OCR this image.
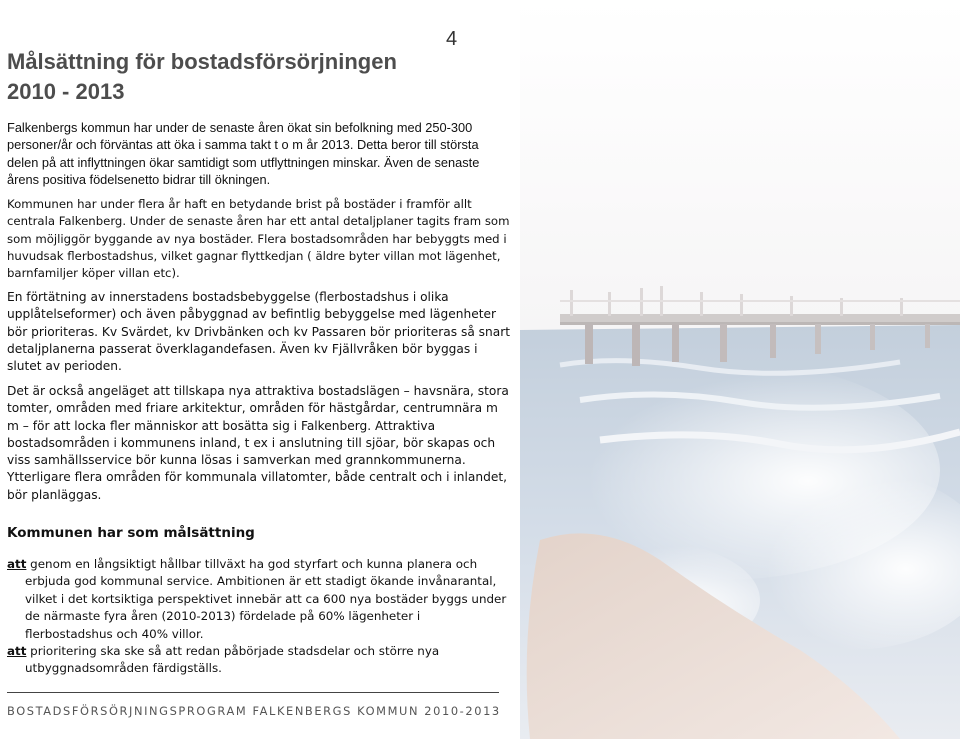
4
Målsättning för bostadsförsörjningen
2010 - 2013

Falkenbergs kommun har under de senaste åren ökat sin befolkning med 250-300 personer/år och förväntas att öka i samma takt t o m år 2013. Detta beror till största delen på att inflyttningen ökar samtidigt som utflyttningen minskar. Även de senaste årens positiva födelsenetto bidrar till ökningen.

Kommunen har under flera år haft en betydande brist på bostäder i framför allt centrala Falkenberg. Under de senaste åren har ett antal detaljplaner tagits fram som som möjliggör byggande av nya bostäder. Flera bostadsområden har bebyggts med i huvudsak flerbostadshus, vilket gagnar flyttkedjan ( äldre byter villan mot lägenhet, barnfamiljer köper villan etc).

En förtätning av innerstadens bostadsbebyggelse (flerbostadshus i olika upplåtelseformer) och även påbyggnad av befintlig bebyggelse med lägenheter bör prioriteras. Kv Svärdet, kv Drivbänken och kv Passaren bör prioriteras så snart detaljplanerna passerat överklagandefasen. Även kv Fjällvråken bör byggas i slutet av perioden.

Det är också angeläget att tillskapa nya attraktiva bostadslägen – havsnära, stora tomter, områden med friare arkitektur, områden för hästgårdar, centrumnära m m – för att locka fler människor att bosätta sig i Falkenberg. Attraktiva bostadsområden i kommunens inland, t ex i anslutning till sjöar, bör skapas och viss samhällsservice bör kunna lösas i samverkan med grannkommunerna. Ytterligare flera områden för kommunala villatomter, både centralt och i inlandet, bör planläggas.

Kommunen har som målsättning

att genom en långsiktigt hållbar tillväxt ha god styrfart och kunna planera och erbjuda god kommunal service. Ambitionen är ett stadigt ökande invånarantal, vilket i det kortsiktiga perspektivet innebär att ca 600 nya bostäder byggs under de närmaste fyra åren (2010-2013) fördelade på 60% lägenheter i flerbostadshus och 40% villor.

att prioritering ska ske så att redan påbörjade stadsdelar och större nya utbyggnadsområden färdigställs.

BOSTADSFÖRSÖRJNINGSPROGRAM FALKENBERGS KOMMUN 2010-2013
